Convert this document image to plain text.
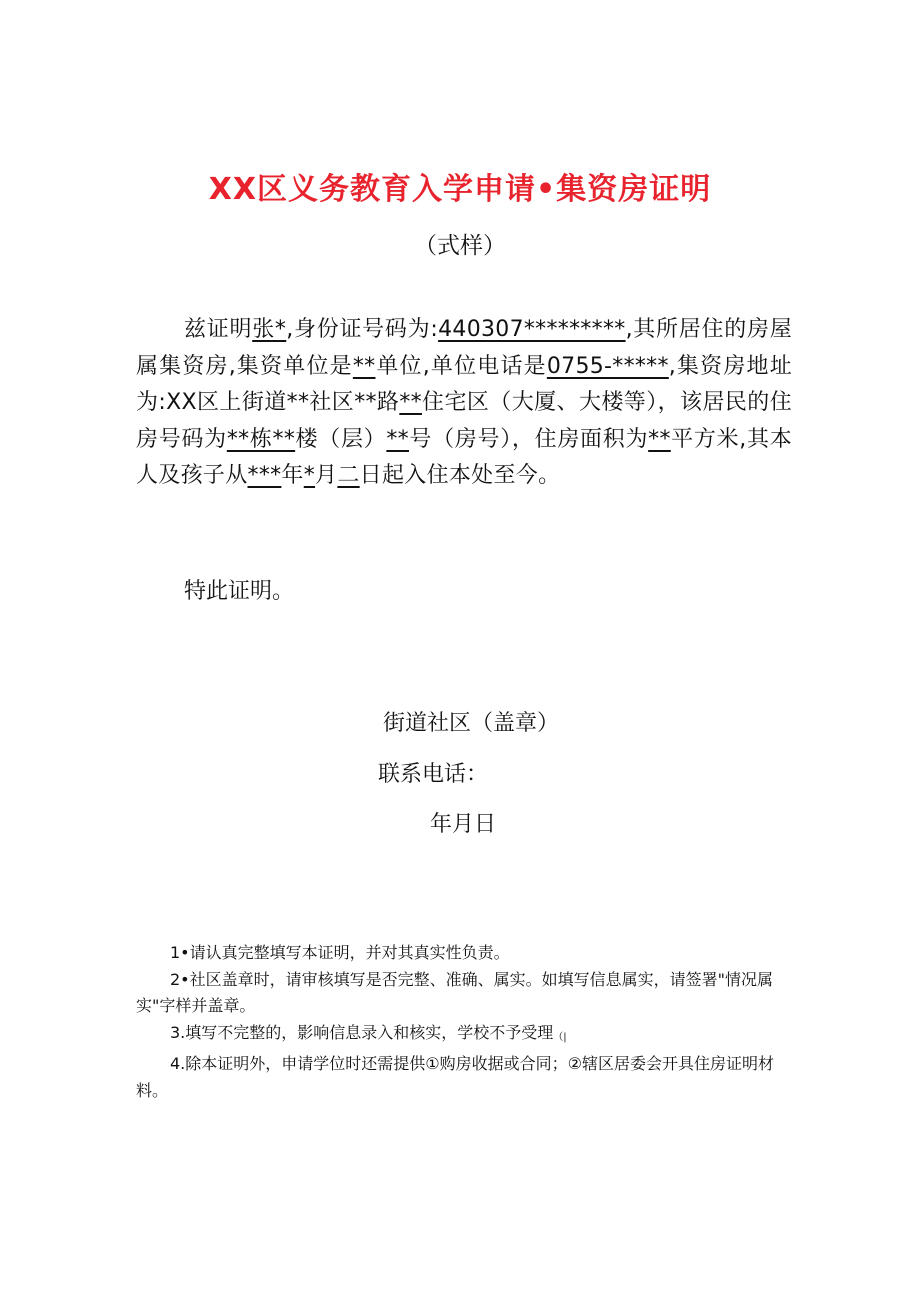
XX区义务教育入学申请•集资房证明
（式样）

兹证明张*,身份证号码为:440307*********,其所居住的房屋属集资房,集资单位是**单位,单位电话是0755-*****,集资房地址为:XX区上街道**社区**路**住宅区（大厦、大楼等），该居民的住房号码为**栋**楼（层）**号（房号），住房面积为**平方米,其本人及孩子从***年*月二日起入住本处至今。

特此证明。
街道社区（盖章）
联系电话：
年月日

1•请认真完整填写本证明，并对其真实性负责。

2•社区盖章时，请审核填写是否完整、准确、属实。如填写信息属实，请签署"情况属实"字样并盖章。

3.填写不完整的，影响信息录入和核实，学校不予受理（|

4.除本证明外，申请学位时还需提供①购房收据或合同；②辖区居委会开具住房证明材料。
